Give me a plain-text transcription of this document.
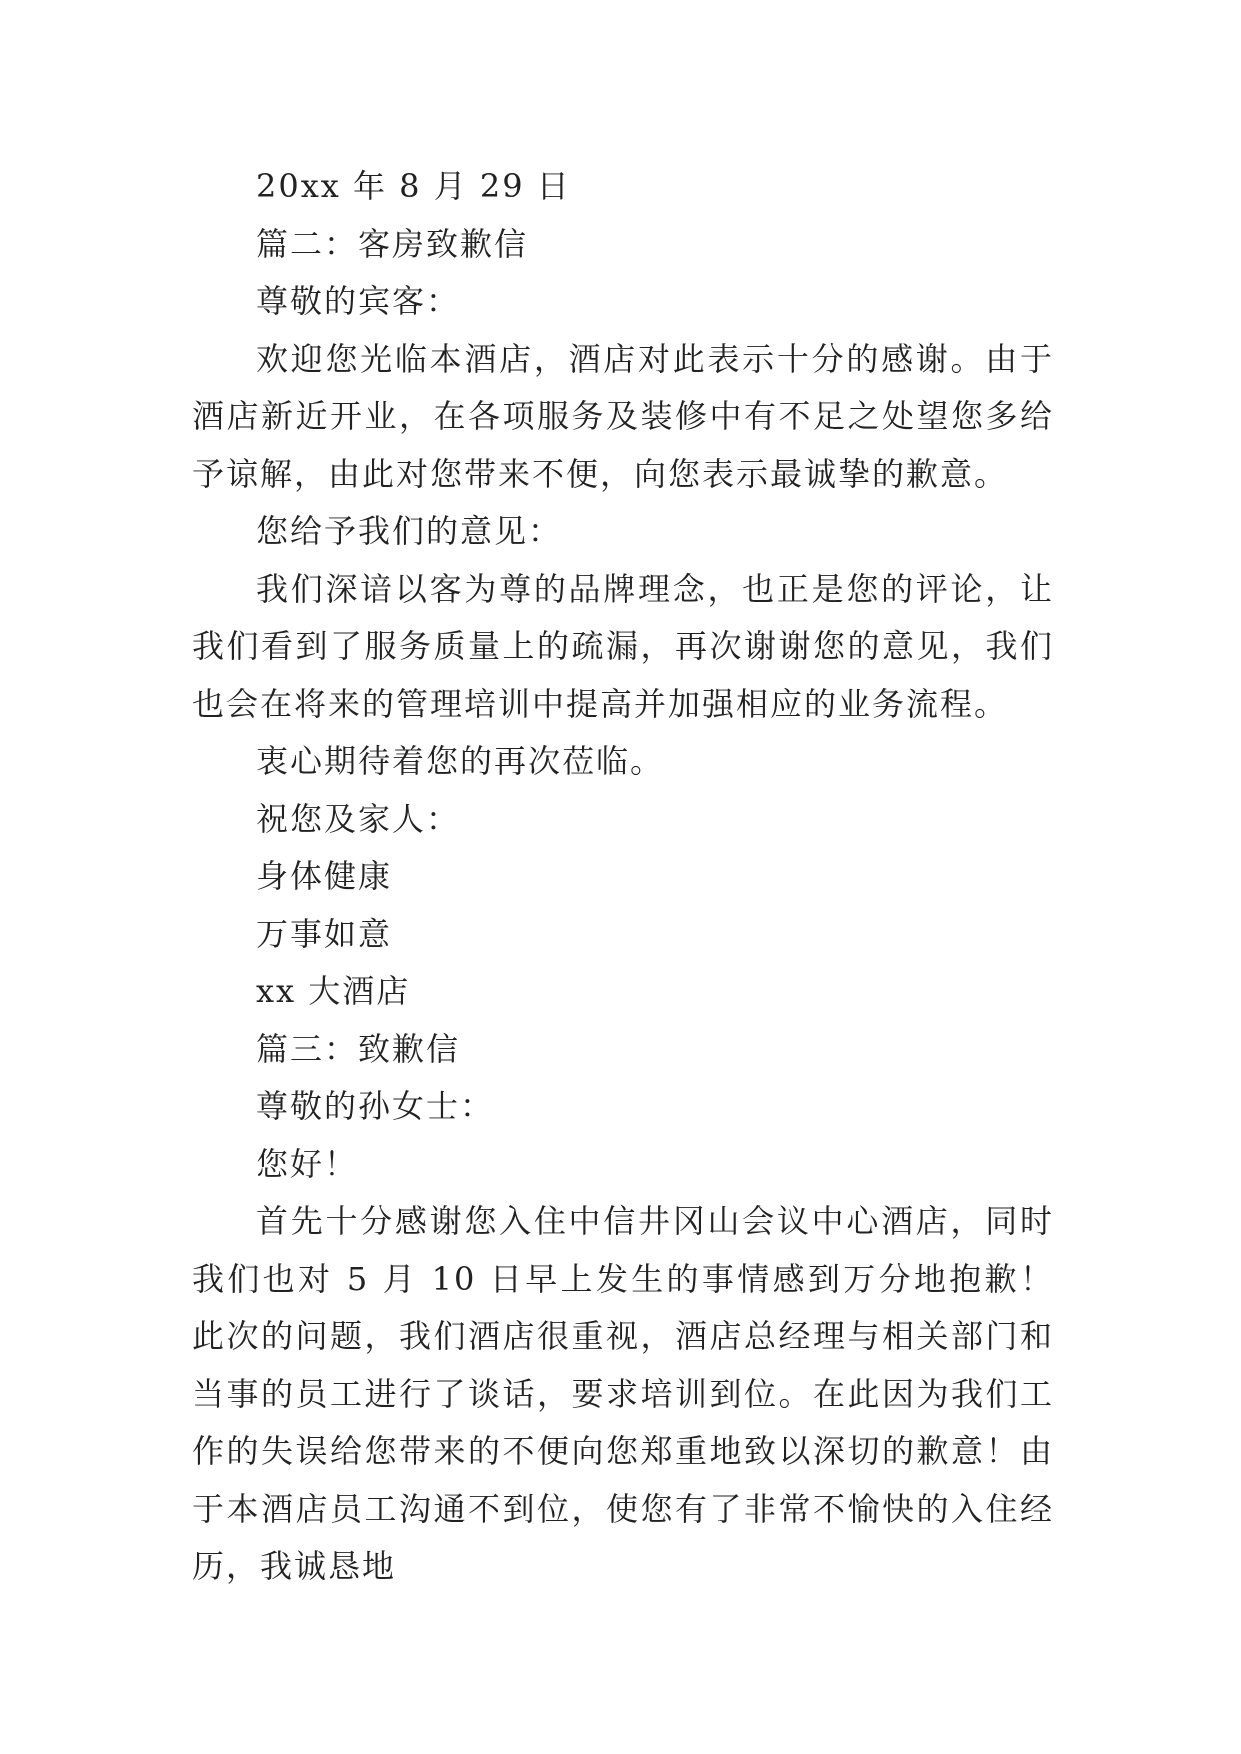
20xx 年 8 月 29 日

篇二：客房致歉信

尊敬的宾客：

欢迎您光临本酒店，酒店对此表示十分的感谢。由于酒店新近开业，在各项服务及装修中有不足之处望您多给予谅解，由此对您带来不便，向您表示最诚挚的歉意。

您给予我们的意见：

我们深谙以客为尊的品牌理念，也正是您的评论，让我们看到了服务质量上的疏漏，再次谢谢您的意见，我们也会在将来的管理培训中提高并加强相应的业务流程。

衷心期待着您的再次莅临。

祝您及家人：

身体健康

万事如意

xx 大酒店

篇三：致歉信

尊敬的孙女士：

您好！

首先十分感谢您入住中信井冈山会议中心酒店，同时我们也对 5 月 10 日早上发生的事情感到万分地抱歉！此次的问题，我们酒店很重视，酒店总经理与相关部门和当事的员工进行了谈话，要求培训到位。在此因为我们工作的失误给您带来的不便向您郑重地致以深切的歉意！由于本酒店员工沟通不到位，使您有了非常不愉快的入住经历，我诚恳地
